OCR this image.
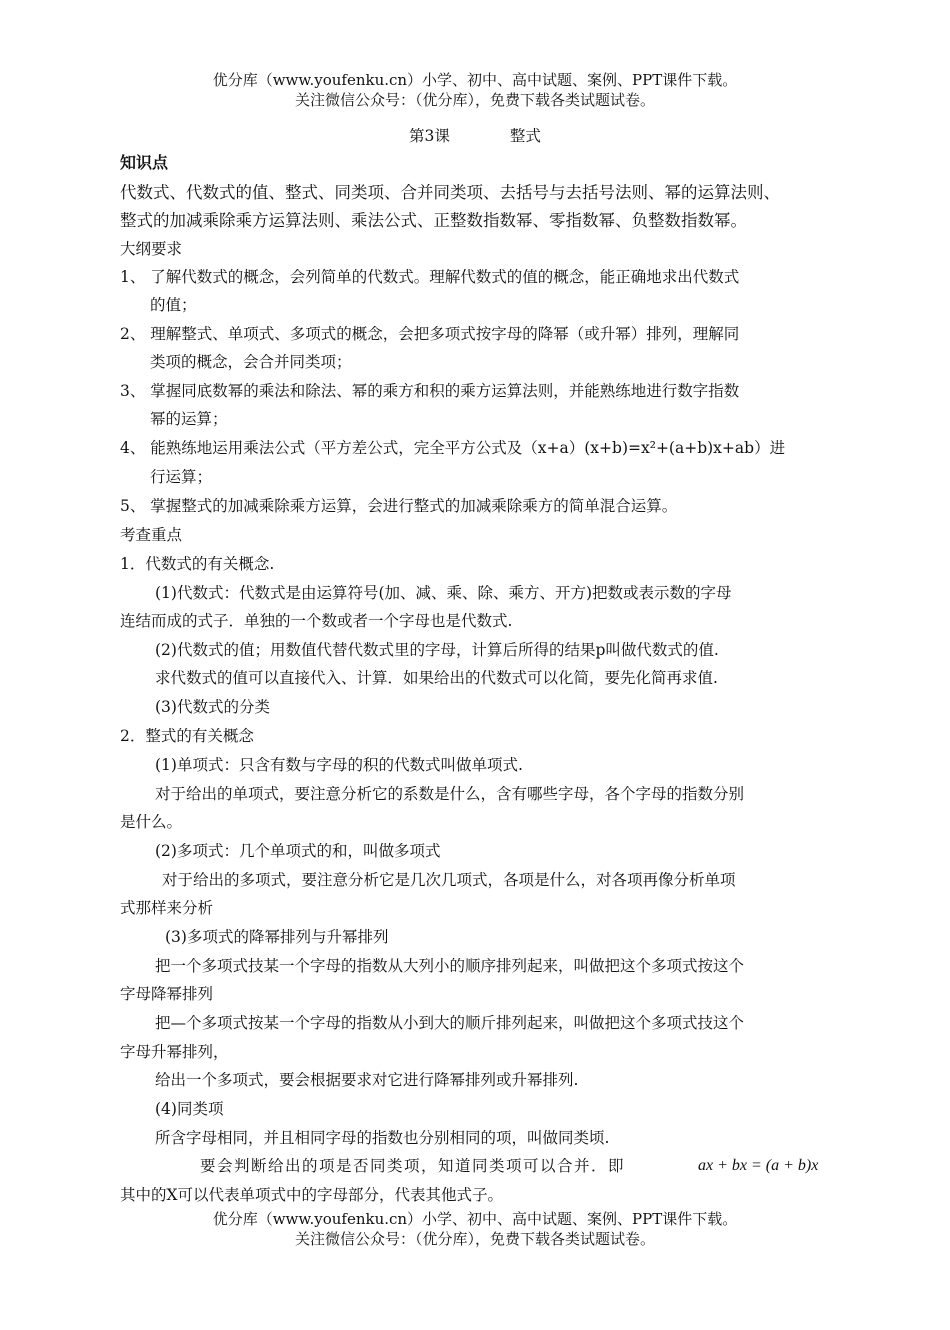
优分库（www.youfenku.cn）小学、初中、高中试题、案例、PPT课件下载。
关注微信公众号：（优分库），免费下载各类试题试卷。
第3课	整式
知识点
代数式、代数式的值、整式、同类项、合并同类项、去括号与去括号法则、幂的运算法则、
整式的加减乘除乘方运算法则、乘法公式、正整数指数幂、零指数幂、负整数指数幂。
大纲要求
1、 了解代数式的概念，会列简单的代数式。理解代数式的值的概念，能正确地求出代数式
的值；
2、 理解整式、单项式、多项式的概念，会把多项式按字母的降幂（或升幂）排列，理解同
类项的概念，会合并同类项；
3、 掌握同底数幂的乘法和除法、幂的乘方和积的乘方运算法则，并能熟练地进行数字指数
幂的运算；
4、 能熟练地运用乘法公式（平方差公式，完全平方公式及（x+a）(x+b)=x²+(a+b)x+ab）进
行运算；
5、 掌握整式的加减乘除乘方运算，会进行整式的加减乘除乘方的简单混合运算。
考查重点
1．代数式的有关概念.
(1)代数式：代数式是由运算符号(加、减、乘、除、乘方、开方)把数或表示数的字母
连结而成的式子．单独的一个数或者一个字母也是代数式.
(2)代数式的值；用数值代替代数式里的字母，计算后所得的结果p叫做代数式的值.
求代数式的值可以直接代入、计算．如果给出的代数式可以化简，要先化简再求值.
(3)代数式的分类
2．整式的有关概念
(1)单项式：只含有数与字母的积的代数式叫做单项式.
对于给出的单项式，要注意分析它的系数是什么，含有哪些字母，各个字母的指数分别
是什么。
(2)多项式：几个单项式的和，叫做多项式
对于给出的多项式，要注意分析它是几次几项式，各项是什么，对各项再像分析单项
式那样来分析
(3)多项式的降幂排列与升幂排列
把一个多项式技某一个字母的指数从大列小的顺序排列起来，叫做把这个多项式按这个
字母降幂排列
把—个多项式按某一个字母的指数从小到大的顺斤排列起来，叫做把这个多项式技这个
字母升幂排列，
给出一个多项式，要会根据要求对它进行降幂排列或升幂排列.
(4)同类项
所含字母相同，并且相同字母的指数也分别相同的项，叫做同类顷.
要会判断给出的项是否同类项，知道同类项可以合并．即	ax + bx = (a + b)x
其中的X可以代表单项式中的字母部分，代表其他式子。
优分库（www.youfenku.cn）小学、初中、高中试题、案例、PPT课件下载。
关注微信公众号：（优分库），免费下载各类试题试卷。
